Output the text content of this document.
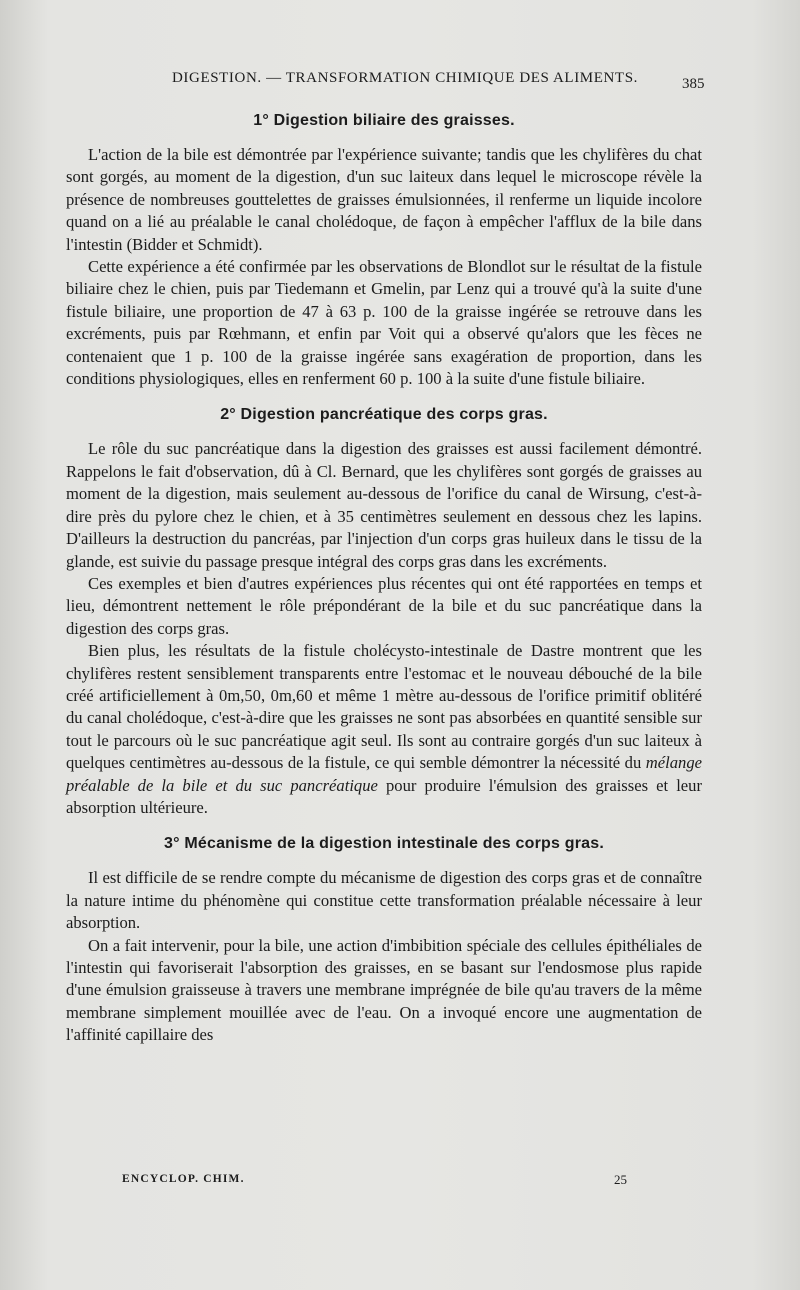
DIGESTION. — TRANSFORMATION CHIMIQUE DES ALIMENTS.	385
1° Digestion biliaire des graisses.

L'action de la bile est démontrée par l'expérience suivante; tandis que les chylifères du chat sont gorgés, au moment de la digestion, d'un suc laiteux dans lequel le microscope révèle la présence de nombreuses gouttelettes de graisses émulsionnées, il renferme un liquide incolore quand on a lié au préalable le canal cholédoque, de façon à empêcher l'afflux de la bile dans l'intestin (Bidder et Schmidt).

Cette expérience a été confirmée par les observations de Blondlot sur le résultat de la fistule biliaire chez le chien, puis par Tiedemann et Gmelin, par Lenz qui a trouvé qu'à la suite d'une fistule biliaire, une proportion de 47 à 63 p. 100 de la graisse ingérée se retrouve dans les excréments, puis par Rœhmann, et enfin par Voit qui a observé qu'alors que les fèces ne contenaient que 1 p. 100 de la graisse ingérée sans exagération de proportion, dans les conditions physiologiques, elles en renferment 60 p. 100 à la suite d'une fistule biliaire.

2° Digestion pancréatique des corps gras.

Le rôle du suc pancréatique dans la digestion des graisses est aussi facilement démontré. Rappelons le fait d'observation, dû à Cl. Bernard, que les chylifères sont gorgés de graisses au moment de la digestion, mais seulement au-dessous de l'orifice du canal de Wirsung, c'est-à-dire près du pylore chez le chien, et à 35 centimètres seulement en dessous chez les lapins. D'ailleurs la destruction du pancréas, par l'injection d'un corps gras huileux dans le tissu de la glande, est suivie du passage presque intégral des corps gras dans les excréments.

Ces exemples et bien d'autres expériences plus récentes qui ont été rapportées en temps et lieu, démontrent nettement le rôle prépondérant de la bile et du suc pancréatique dans la digestion des corps gras.

Bien plus, les résultats de la fistule cholécysto-intestinale de Dastre montrent que les chylifères restent sensiblement transparents entre l'estomac et le nouveau débouché de la bile créé artificiellement à 0m,50, 0m,60 et même 1 mètre au-dessous de l'orifice primitif oblitéré du canal cholédoque, c'est-à-dire que les graisses ne sont pas absorbées en quantité sensible sur tout le parcours où le suc pancréatique agit seul. Ils sont au contraire gorgés d'un suc laiteux à quelques centimètres au-dessous de la fistule, ce qui semble démontrer la nécessité du mélange préalable de la bile et du suc pancréatique pour produire l'émulsion des graisses et leur absorption ultérieure.

3° Mécanisme de la digestion intestinale des corps gras.

Il est difficile de se rendre compte du mécanisme de digestion des corps gras et de connaître la nature intime du phénomène qui constitue cette transformation préalable nécessaire à leur absorption.

On a fait intervenir, pour la bile, une action d'imbibition spéciale des cellules épithéliales de l'intestin qui favoriserait l'absorption des graisses, en se basant sur l'endosmose plus rapide d'une émulsion graisseuse à travers une membrane imprégnée de bile qu'au travers de la même membrane simplement mouillée avec de l'eau. On a invoqué encore une augmentation de l'affinité capillaire des

ENCYCLOP. CHIM.	25
